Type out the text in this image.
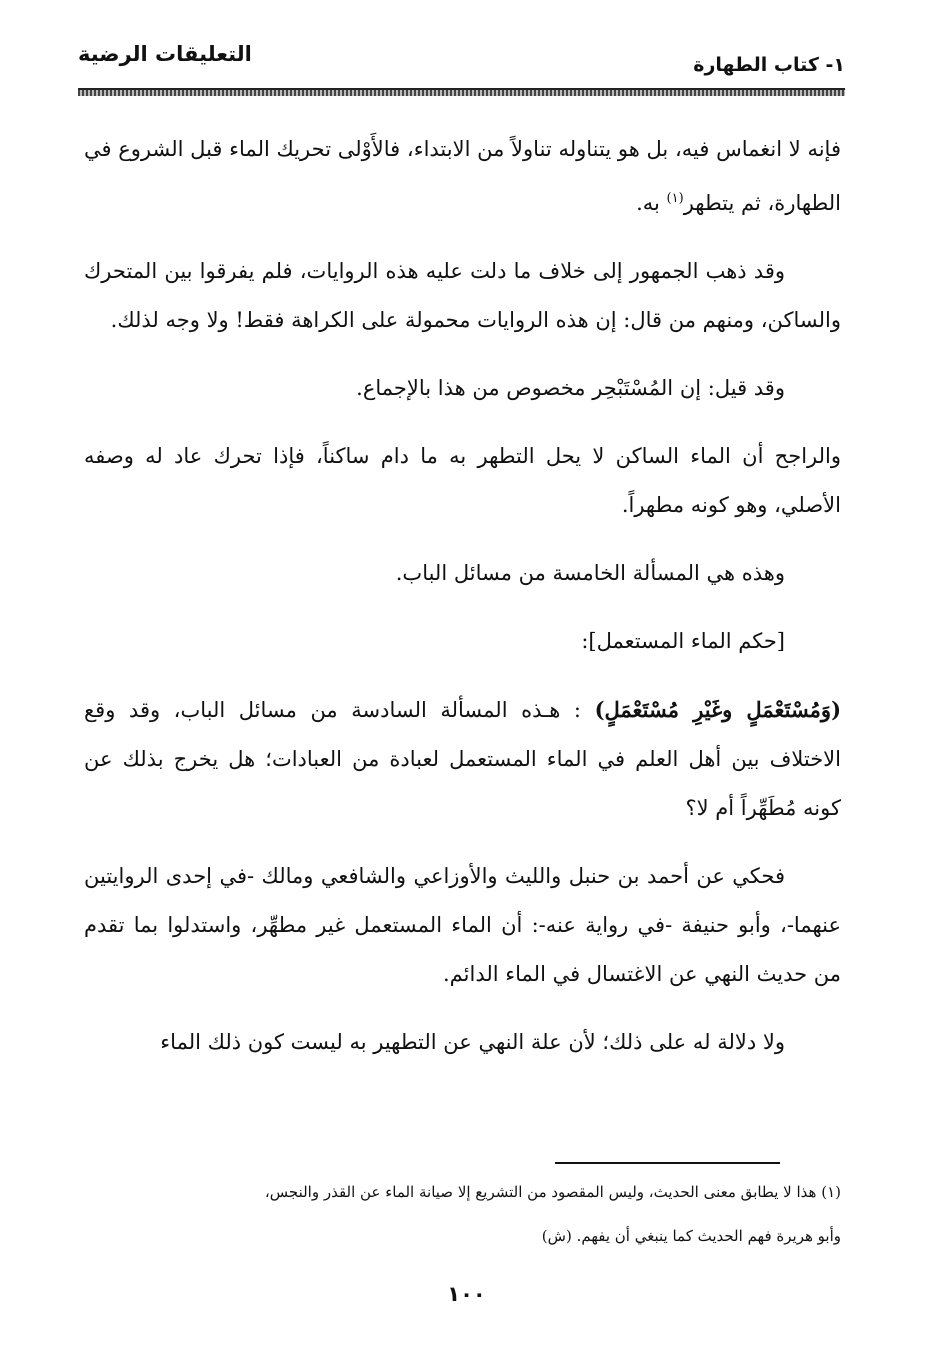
١- كتاب الطهارة
التعليقات الرضية

فإنه لا انغماس فيه، بل هو يتناوله تناولاً من الابتداء، فالأَوْلى تحريك الماء قبل الشروع في الطهارة، ثم يتطهر$^{(١)}$ به.

وقد ذهب الجمهور إلى خلاف ما دلت عليه هذه الروايات، فلم يفرقوا بين المتحرك والساكن، ومنهم من قال: إن هذه الروايات محمولة على الكراهة فقط! ولا وجه لذلك.

وقد قيل: إن المُسْتَبْحِر مخصوص من هذا بالإجماع.

والراجح أن الماء الساكن لا يحل التطهر به ما دام ساكناً، فإذا تحرك عاد له وصفه الأصلي، وهو كونه مطهراً.

وهذه هي المسألة الخامسة من مسائل الباب.

[حكم الماء المستعمل]:

(وَمُسْتَعْمَلٍ وغَيْرِ مُسْتَعْمَلٍ) : هـذه المسألة السادسة من مسائل الباب، وقد وقع الاختلاف بين أهل العلم في الماء المستعمل لعبادة من العبادات؛ هل يخرج بذلك عن كونه مُطَهِّراً أم لا؟

فحكي عن أحمد بن حنبل والليث والأوزاعي والشافعي ومالك -في إحدى الروايتين عنهما-، وأبو حنيفة -في رواية عنه-: أن الماء المستعمل غير مطهِّر، واستدلوا بما تقدم من حديث النهي عن الاغتسال في الماء الدائم.

ولا دلالة له على ذلك؛ لأن علة النهي عن التطهير به ليست كون ذلك الماء

(١) هذا لا يطابق معنى الحديث، وليس المقصود من التشريع إلا صيانة الماء عن القذر والنجس،

وأبو هريرة فهم الحديث كما ينبغي أن يفهم. (ش)

١٠٠
